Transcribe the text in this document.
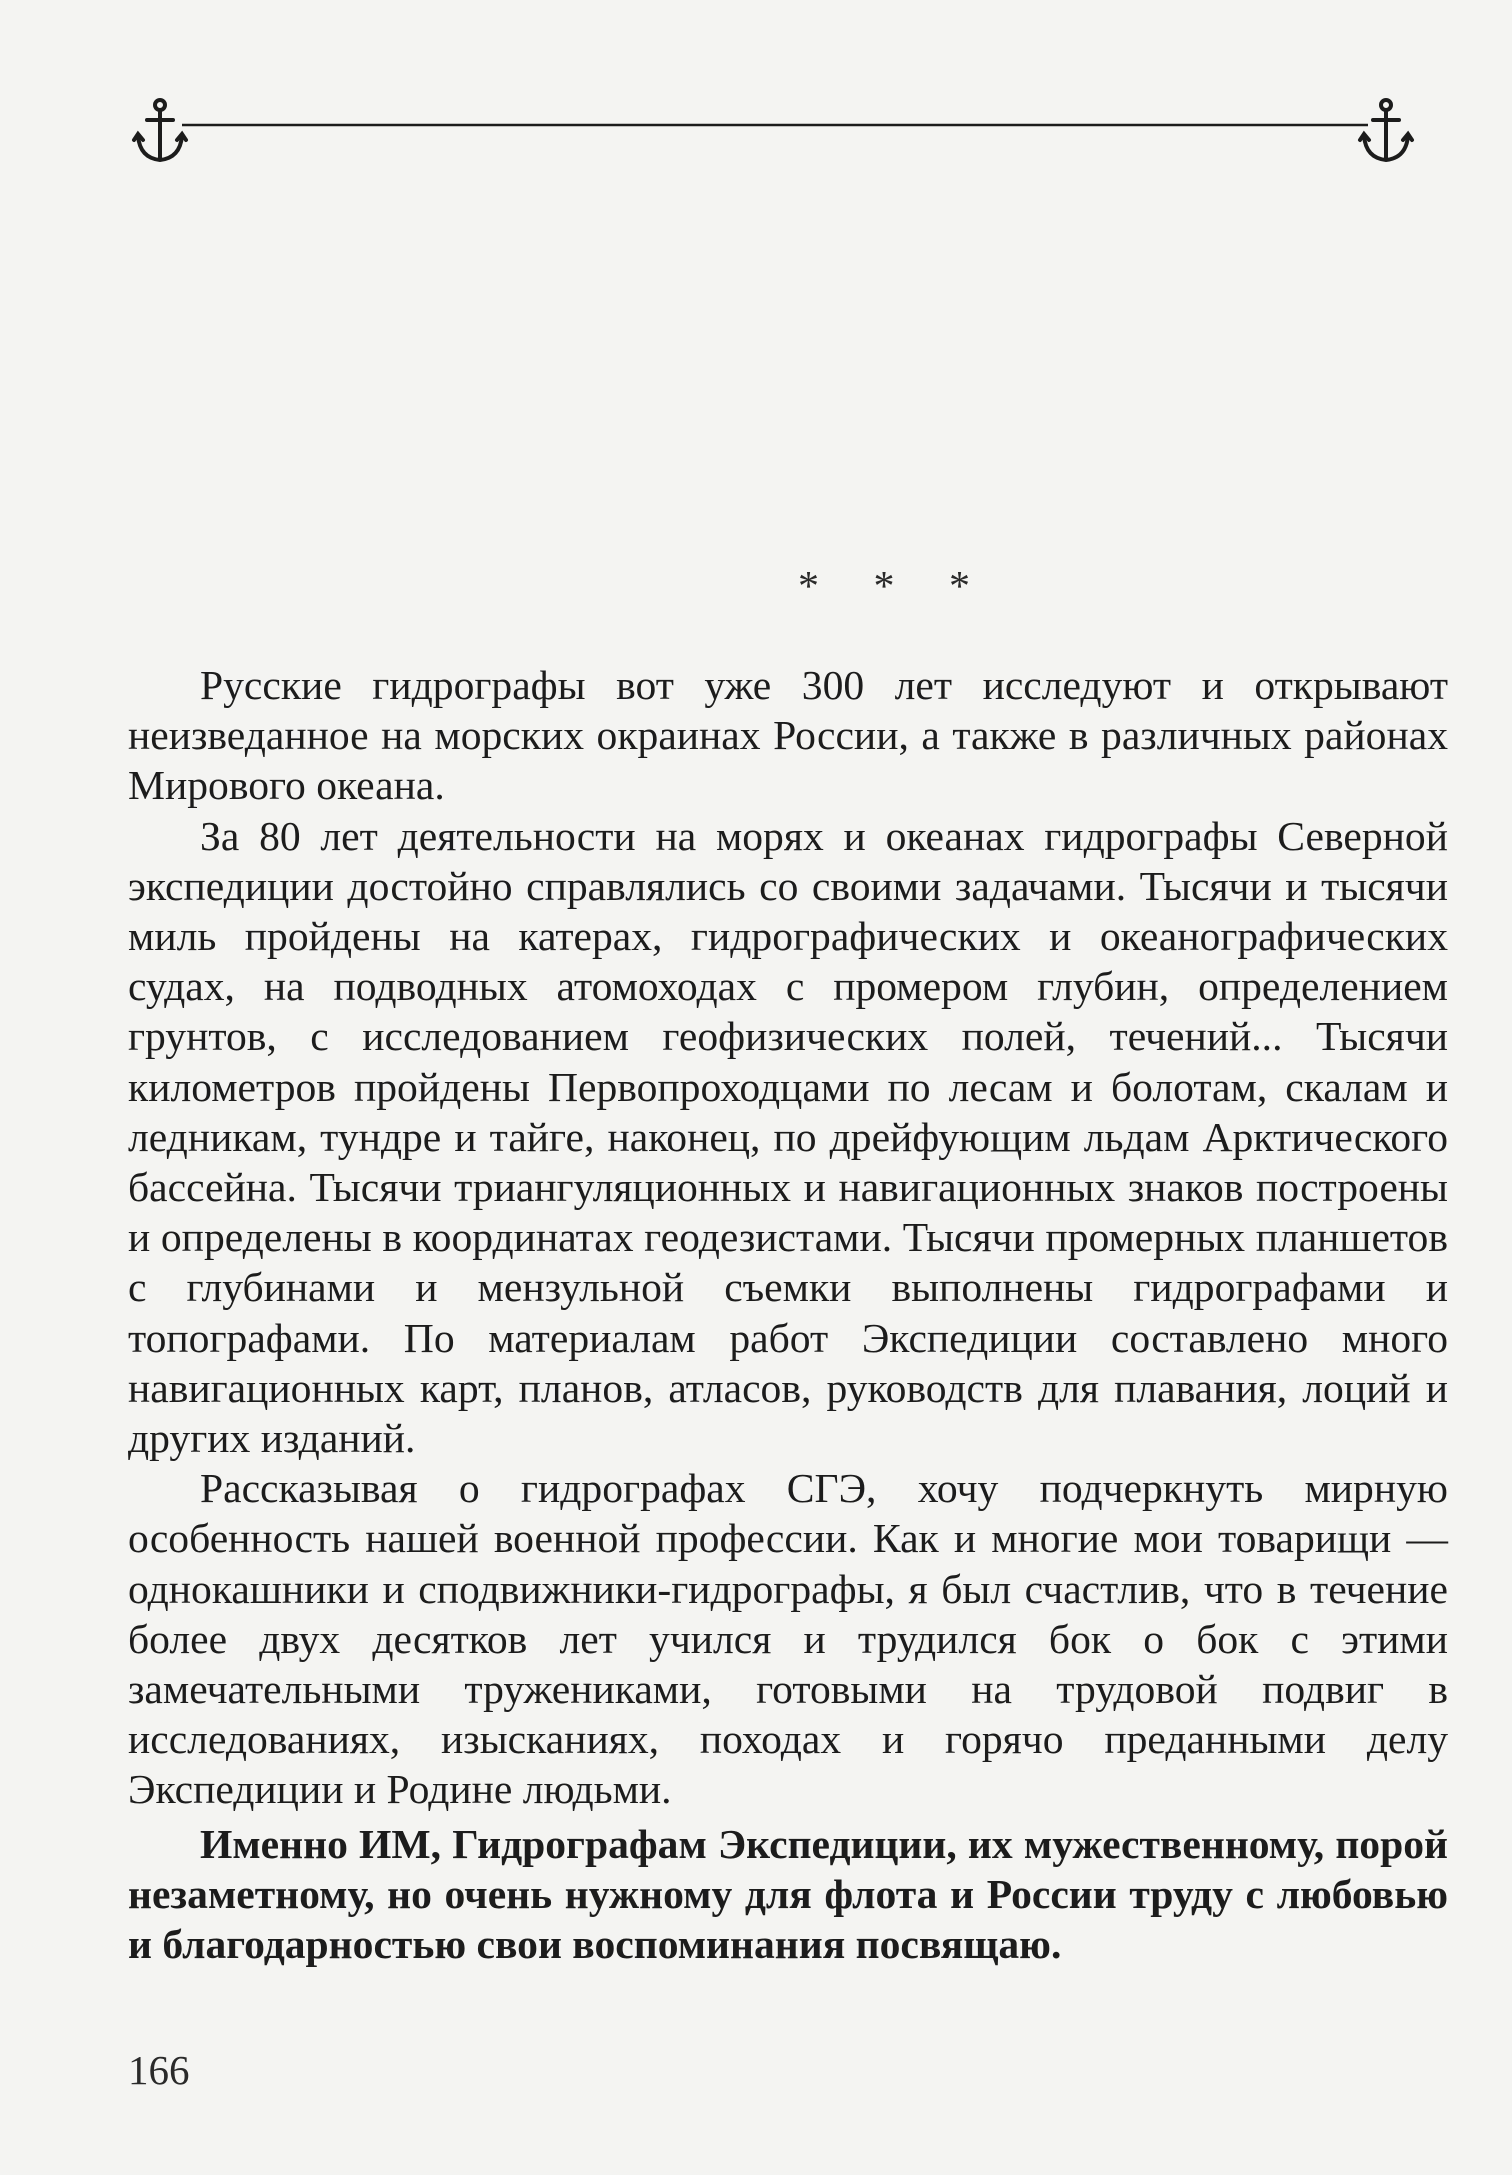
* * *

Русские гидрографы вот уже 300 лет исследуют и открывают неизведанное на морских окраинах России, а также в различных районах Мирового океана.

За 80 лет деятельности на морях и океанах гидрографы Северной экспедиции достойно справлялись со своими задачами. Тысячи и тысячи миль пройдены на катерах, гидрографических и океанографических судах, на подводных атомоходах с промером глубин, определением грунтов, с исследованием геофизических полей, течений... Тысячи километров пройдены Первопроходцами по лесам и болотам, скалам и ледникам, тундре и тайге, наконец, по дрейфующим льдам Арктического бассейна. Тысячи триангуляционных и навигационных знаков построены и определены в координатах геодезистами. Тысячи промерных планшетов с глубинами и мензульной съемки выполнены гидрографами и топографами. По материалам работ Экспедиции составлено много навигационных карт, планов, атласов, руководств для плавания, лоций и других изданий.

Рассказывая о гидрографах СГЭ, хочу подчеркнуть мирную особенность нашей военной профессии. Как и многие мои товарищи — однокашники и сподвижники-гидрографы, я был счастлив, что в течение более двух десятков лет учился и трудился бок о бок с этими замечательными тружениками, готовыми на трудовой подвиг в исследованиях, изысканиях, походах и горячо преданными делу Экспедиции и Родине людьми.

Именно ИМ, Гидрографам Экспедиции, их мужественному, порой незаметному, но очень нужному для флота и России труду с любовью и благодарностью свои воспоминания посвящаю.

166
